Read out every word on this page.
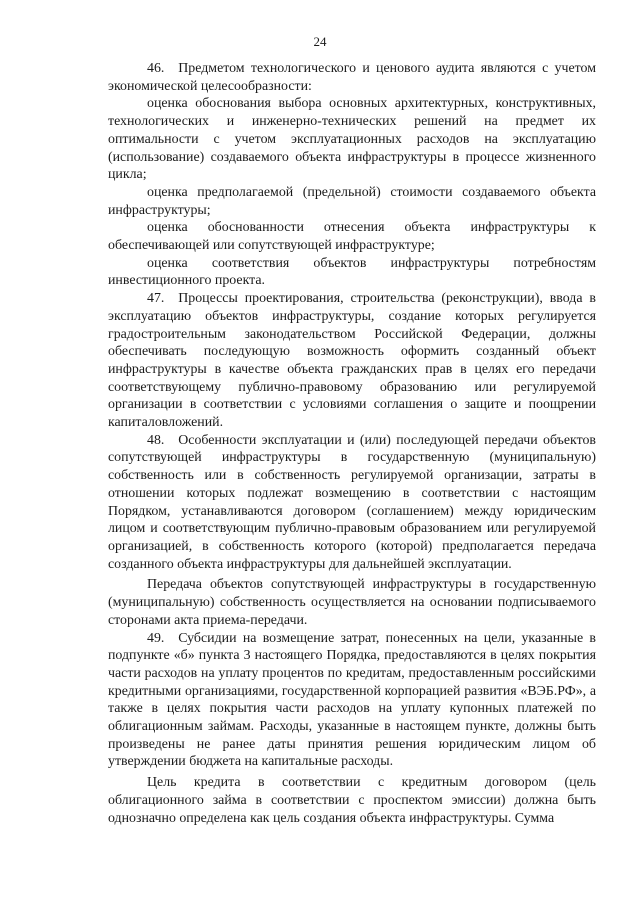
24

46. Предметом технологического и ценового аудита являются с учетом экономической целесообразности:

оценка обоснования выбора основных архитектурных, конструктивных, технологических и инженерно-технических решений на предмет их оптимальности с учетом эксплуатационных расходов на эксплуатацию (использование) создаваемого объекта инфраструктуры в процессе жизненного цикла;

оценка предполагаемой (предельной) стоимости создаваемого объекта инфраструктуры;

оценка обоснованности отнесения объекта инфраструктуры к обеспечивающей или сопутствующей инфраструктуре;

оценка соответствия объектов инфраструктуры потребностям инвестиционного проекта.

47. Процессы проектирования, строительства (реконструкции), ввода в эксплуатацию объектов инфраструктуры, создание которых регулируется градостроительным законодательством Российской Федерации, должны обеспечивать последующую возможность оформить созданный объект инфраструктуры в качестве объекта гражданских прав в целях его передачи соответствующему публично-правовому образованию или регулируемой организации в соответствии с условиями соглашения о защите и поощрении капиталовложений.

48. Особенности эксплуатации и (или) последующей передачи объектов сопутствующей инфраструктуры в государственную (муниципальную) собственность или в собственность регулируемой организации, затраты в отношении которых подлежат возмещению в соответствии с настоящим Порядком, устанавливаются договором (соглашением) между юридическим лицом и соответствующим публично-правовым образованием или регулируемой организацией, в собственность которого (которой) предполагается передача созданного объекта инфраструктуры для дальнейшей эксплуатации.

Передача объектов сопутствующей инфраструктуры в государственную (муниципальную) собственность осуществляется на основании подписываемого сторонами акта приема-передачи.

49. Субсидии на возмещение затрат, понесенных на цели, указанные в подпункте «б» пункта 3 настоящего Порядка, предоставляются в целях покрытия части расходов на уплату процентов по кредитам, предоставленным российскими кредитными организациями, государственной корпорацией развития «ВЭБ.РФ», а также в целях покрытия части расходов на уплату купонных платежей по облигационным займам. Расходы, указанные в настоящем пункте, должны быть произведены не ранее даты принятия решения юридическим лицом об утверждении бюджета на капитальные расходы.

Цель кредита в соответствии с кредитным договором (цель облигационного займа в соответствии с проспектом эмиссии) должна быть однозначно определена как цель создания объекта инфраструктуры. Сумма
